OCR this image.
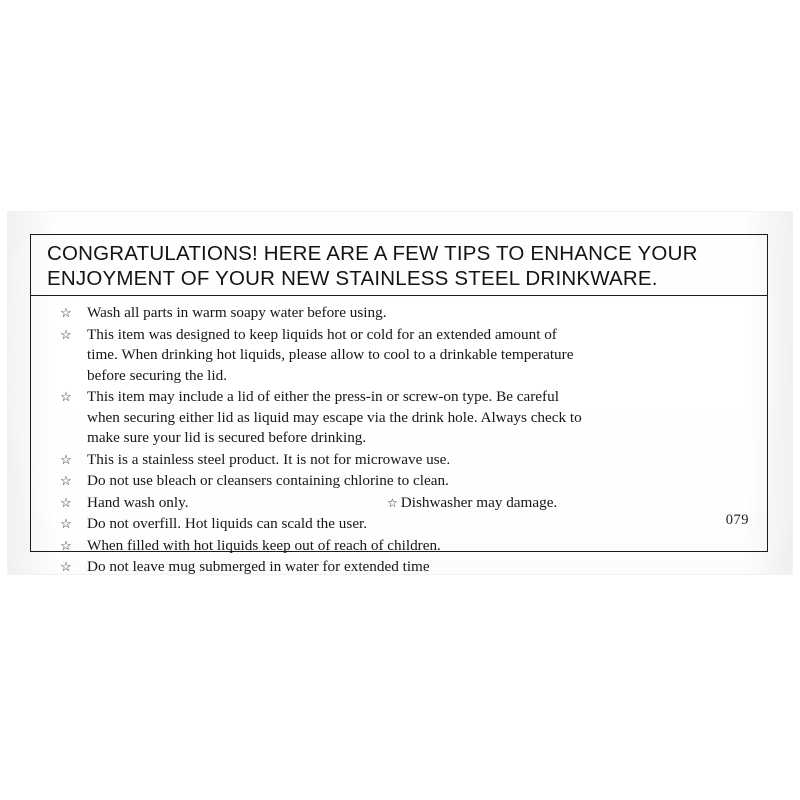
CONGRATULATIONS! HERE ARE A FEW TIPS TO ENHANCE YOUR
ENJOYMENT OF YOUR NEW STAINLESS STEEL DRINKWARE.
☆ Wash all parts in warm soapy water before using.
☆ This item was designed to keep liquids hot or cold for an extended amount of
time. When drinking hot liquids, please allow to cool to a drinkable temperature
before securing the lid.
☆ This item may include a lid of either the press-in or screw-on type. Be careful
when securing either lid as liquid may escape via the drink hole. Always check to
make sure your lid is secured before drinking.
☆ This is a stainless steel product. It is not for microwave use.
☆ Do not use bleach or cleansers containing chlorine to clean.
☆ Hand wash only.	☆ Dishwasher may damage.
☆ Do not overfill. Hot liquids can scald the user.
☆ When filled with hot liquids keep out of reach of children.
☆ Do not leave mug submerged in water for extended time
079
